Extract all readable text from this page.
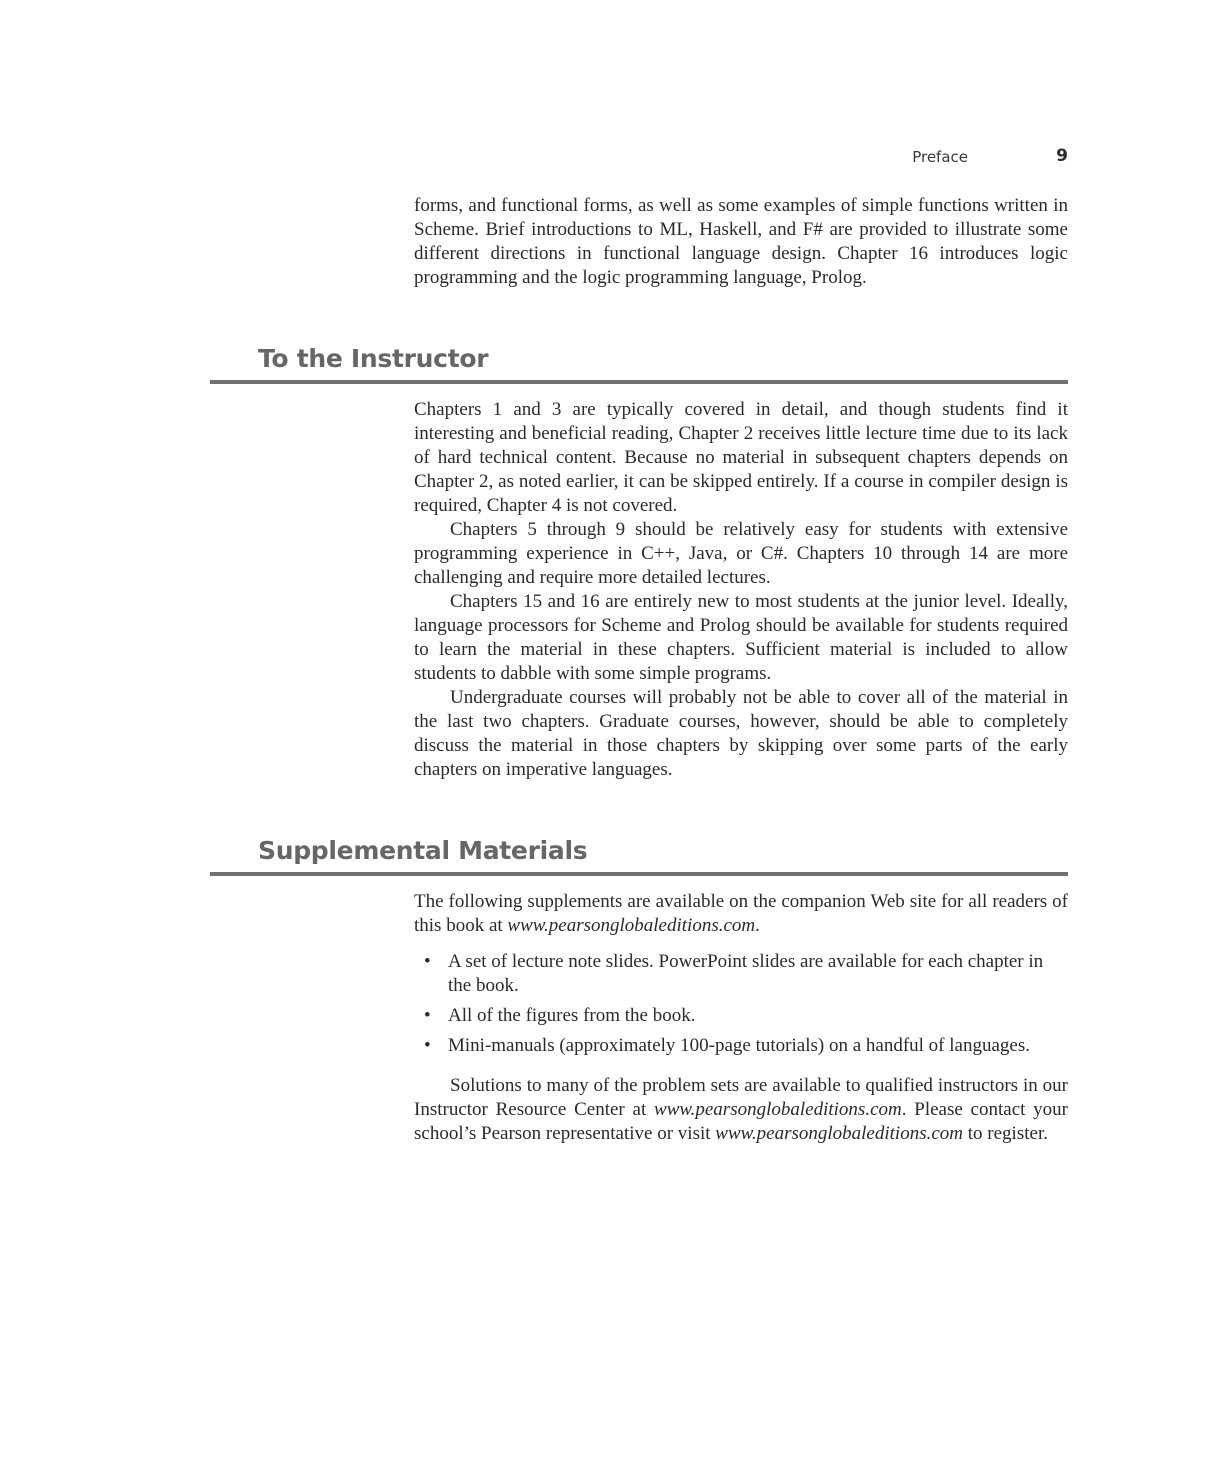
Preface	9

forms, and functional forms, as well as some examples of simple functions written in Scheme. Brief introductions to ML, Haskell, and F# are provided to illustrate some different directions in functional language design. Chapter 16 introduces logic programming and the logic programming language, Prolog.

To the Instructor

Chapters 1 and 3 are typically covered in detail, and though students find it interesting and beneficial reading, Chapter 2 receives little lecture time due to its lack of hard technical content. Because no material in subsequent chapters depends on Chapter 2, as noted earlier, it can be skipped entirely. If a course in compiler design is required, Chapter 4 is not covered.

Chapters 5 through 9 should be relatively easy for students with extensive programming experience in C++, Java, or C#. Chapters 10 through 14 are more challenging and require more detailed lectures.

Chapters 15 and 16 are entirely new to most students at the junior level. Ideally, language processors for Scheme and Prolog should be available for students required to learn the material in these chapters. Sufficient material is included to allow students to dabble with some simple programs.

Undergraduate courses will probably not be able to cover all of the material in the last two chapters. Graduate courses, however, should be able to completely discuss the material in those chapters by skipping over some parts of the early chapters on imperative languages.

Supplemental Materials

The following supplements are available on the companion Web site for all readers of this book at www.pearsonglobaleditions.com.

• A set of lecture note slides. PowerPoint slides are available for each chapter in the book.
• All of the figures from the book.
• Mini-manuals (approximately 100-page tutorials) on a handful of languages.

Solutions to many of the problem sets are available to qualified instructors in our Instructor Resource Center at www.pearsonglobaleditions.com. Please contact your school’s Pearson representative or visit www.pearsonglobaleditions.com to register.
